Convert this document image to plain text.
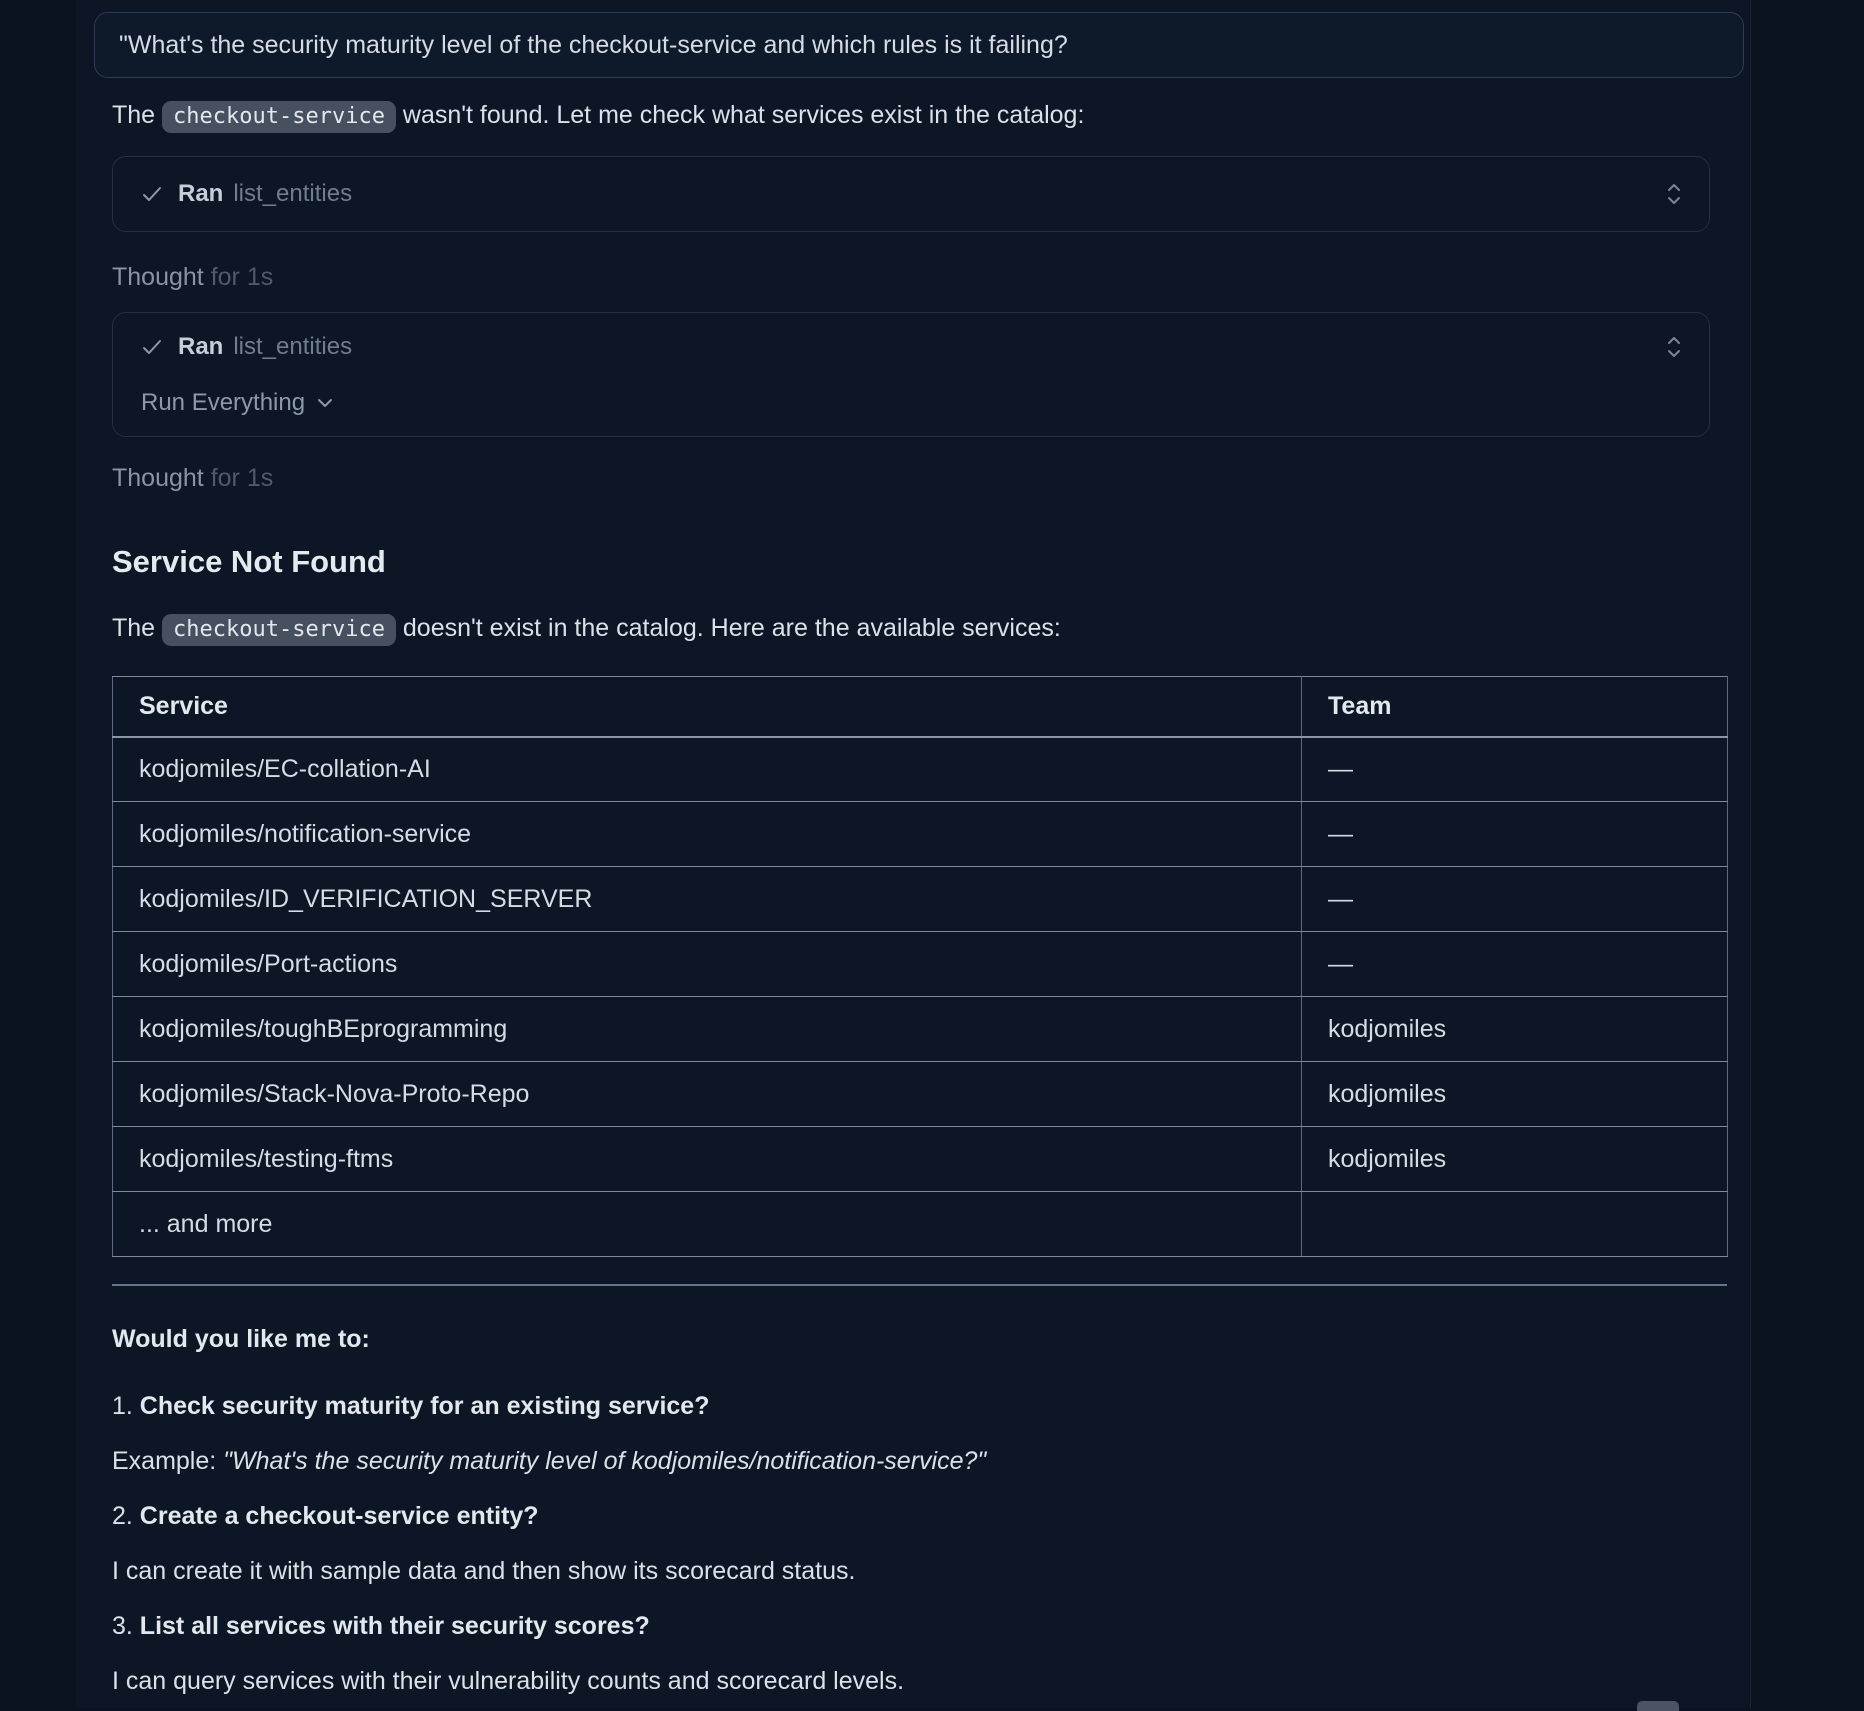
"What's the security maturity level of the checkout-service and which rules is it failing?

The checkout-service wasn't found. Let me check what services exist in the catalog:

Ran list_entities

Thought for 1s

Ran list_entities
Run Everything

Thought for 1s

Service Not Found

The checkout-service doesn't exist in the catalog. Here are the available services:

Service	Team
kodjomiles/EC-collation-AI	—
kodjomiles/notification-service	—
kodjomiles/ID_VERIFICATION_SERVER	—
kodjomiles/Port-actions	—
kodjomiles/toughBEprogramming	kodjomiles
kodjomiles/Stack-Nova-Proto-Repo	kodjomiles
kodjomiles/testing-ftms	kodjomiles
... and more	

Would you like me to:

1. Check security maturity for an existing service?

Example: "What's the security maturity level of kodjomiles/notification-service?"

2. Create a checkout-service entity?

I can create it with sample data and then show its scorecard status.

3. List all services with their security scores?

I can query services with their vulnerability counts and scorecard levels.
